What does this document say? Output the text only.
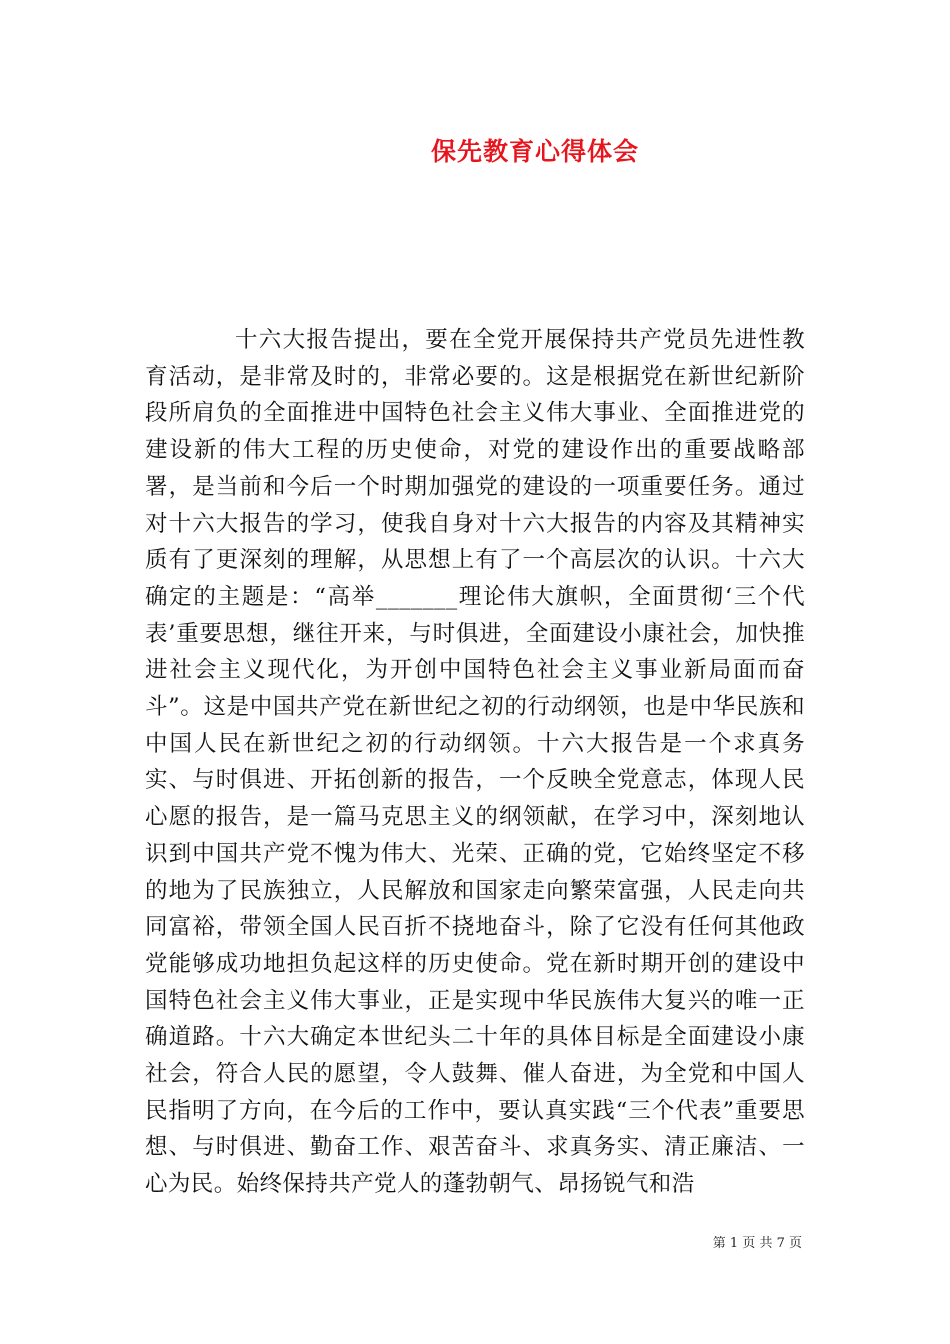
保先教育心得体会

十六大报告提出，要在全党开展保持共产党员先进性教育活动，是非常及时的，非常必要的。这是根据党在新世纪新阶段所肩负的全面推进中国特色社会主义伟大事业、全面推进党的建设新的伟大工程的历史使命，对党的建设作出的重要战略部署，是当前和今后一个时期加强党的建设的一项重要任务。通过对十六大报告的学习，使我自身对十六大报告的内容及其精神实质有了更深刻的理解，从思想上有了一个高层次的认识。十六大确定的主题是：“高举_______理论伟大旗帜，全面贯彻‘三个代表’重要思想，继往开来，与时俱进，全面建设小康社会，加快推进社会主义现代化，为开创中国特色社会主义事业新局面而奋斗”。这是中国共产党在新世纪之初的行动纲领，也是中华民族和中国人民在新世纪之初的行动纲领。十六大报告是一个求真务实、与时俱进、开拓创新的报告，一个反映全党意志，体现人民心愿的报告，是一篇马克思主义的纲领献，在学习中，深刻地认识到中国共产党不愧为伟大、光荣、正确的党，它始终坚定不移的地为了民族独立，人民解放和国家走向繁荣富强，人民走向共同富裕，带领全国人民百折不挠地奋斗，除了它没有任何其他政党能够成功地担负起这样的历史使命。党在新时期开创的建设中国特色社会主义伟大事业，正是实现中华民族伟大复兴的唯一正确道路。十六大确定本世纪头二十年的具体目标是全面建设小康社会，符合人民的愿望，令人鼓舞、催人奋进，为全党和中国人民指明了方向，在今后的工作中，要认真实践“三个代表”重要思想、与时俱进、勤奋工作、艰苦奋斗、求真务实、清正廉洁、一心为民。始终保持共产党人的蓬勃朝气、昂扬锐气和浩

第 1 页 共 7 页
